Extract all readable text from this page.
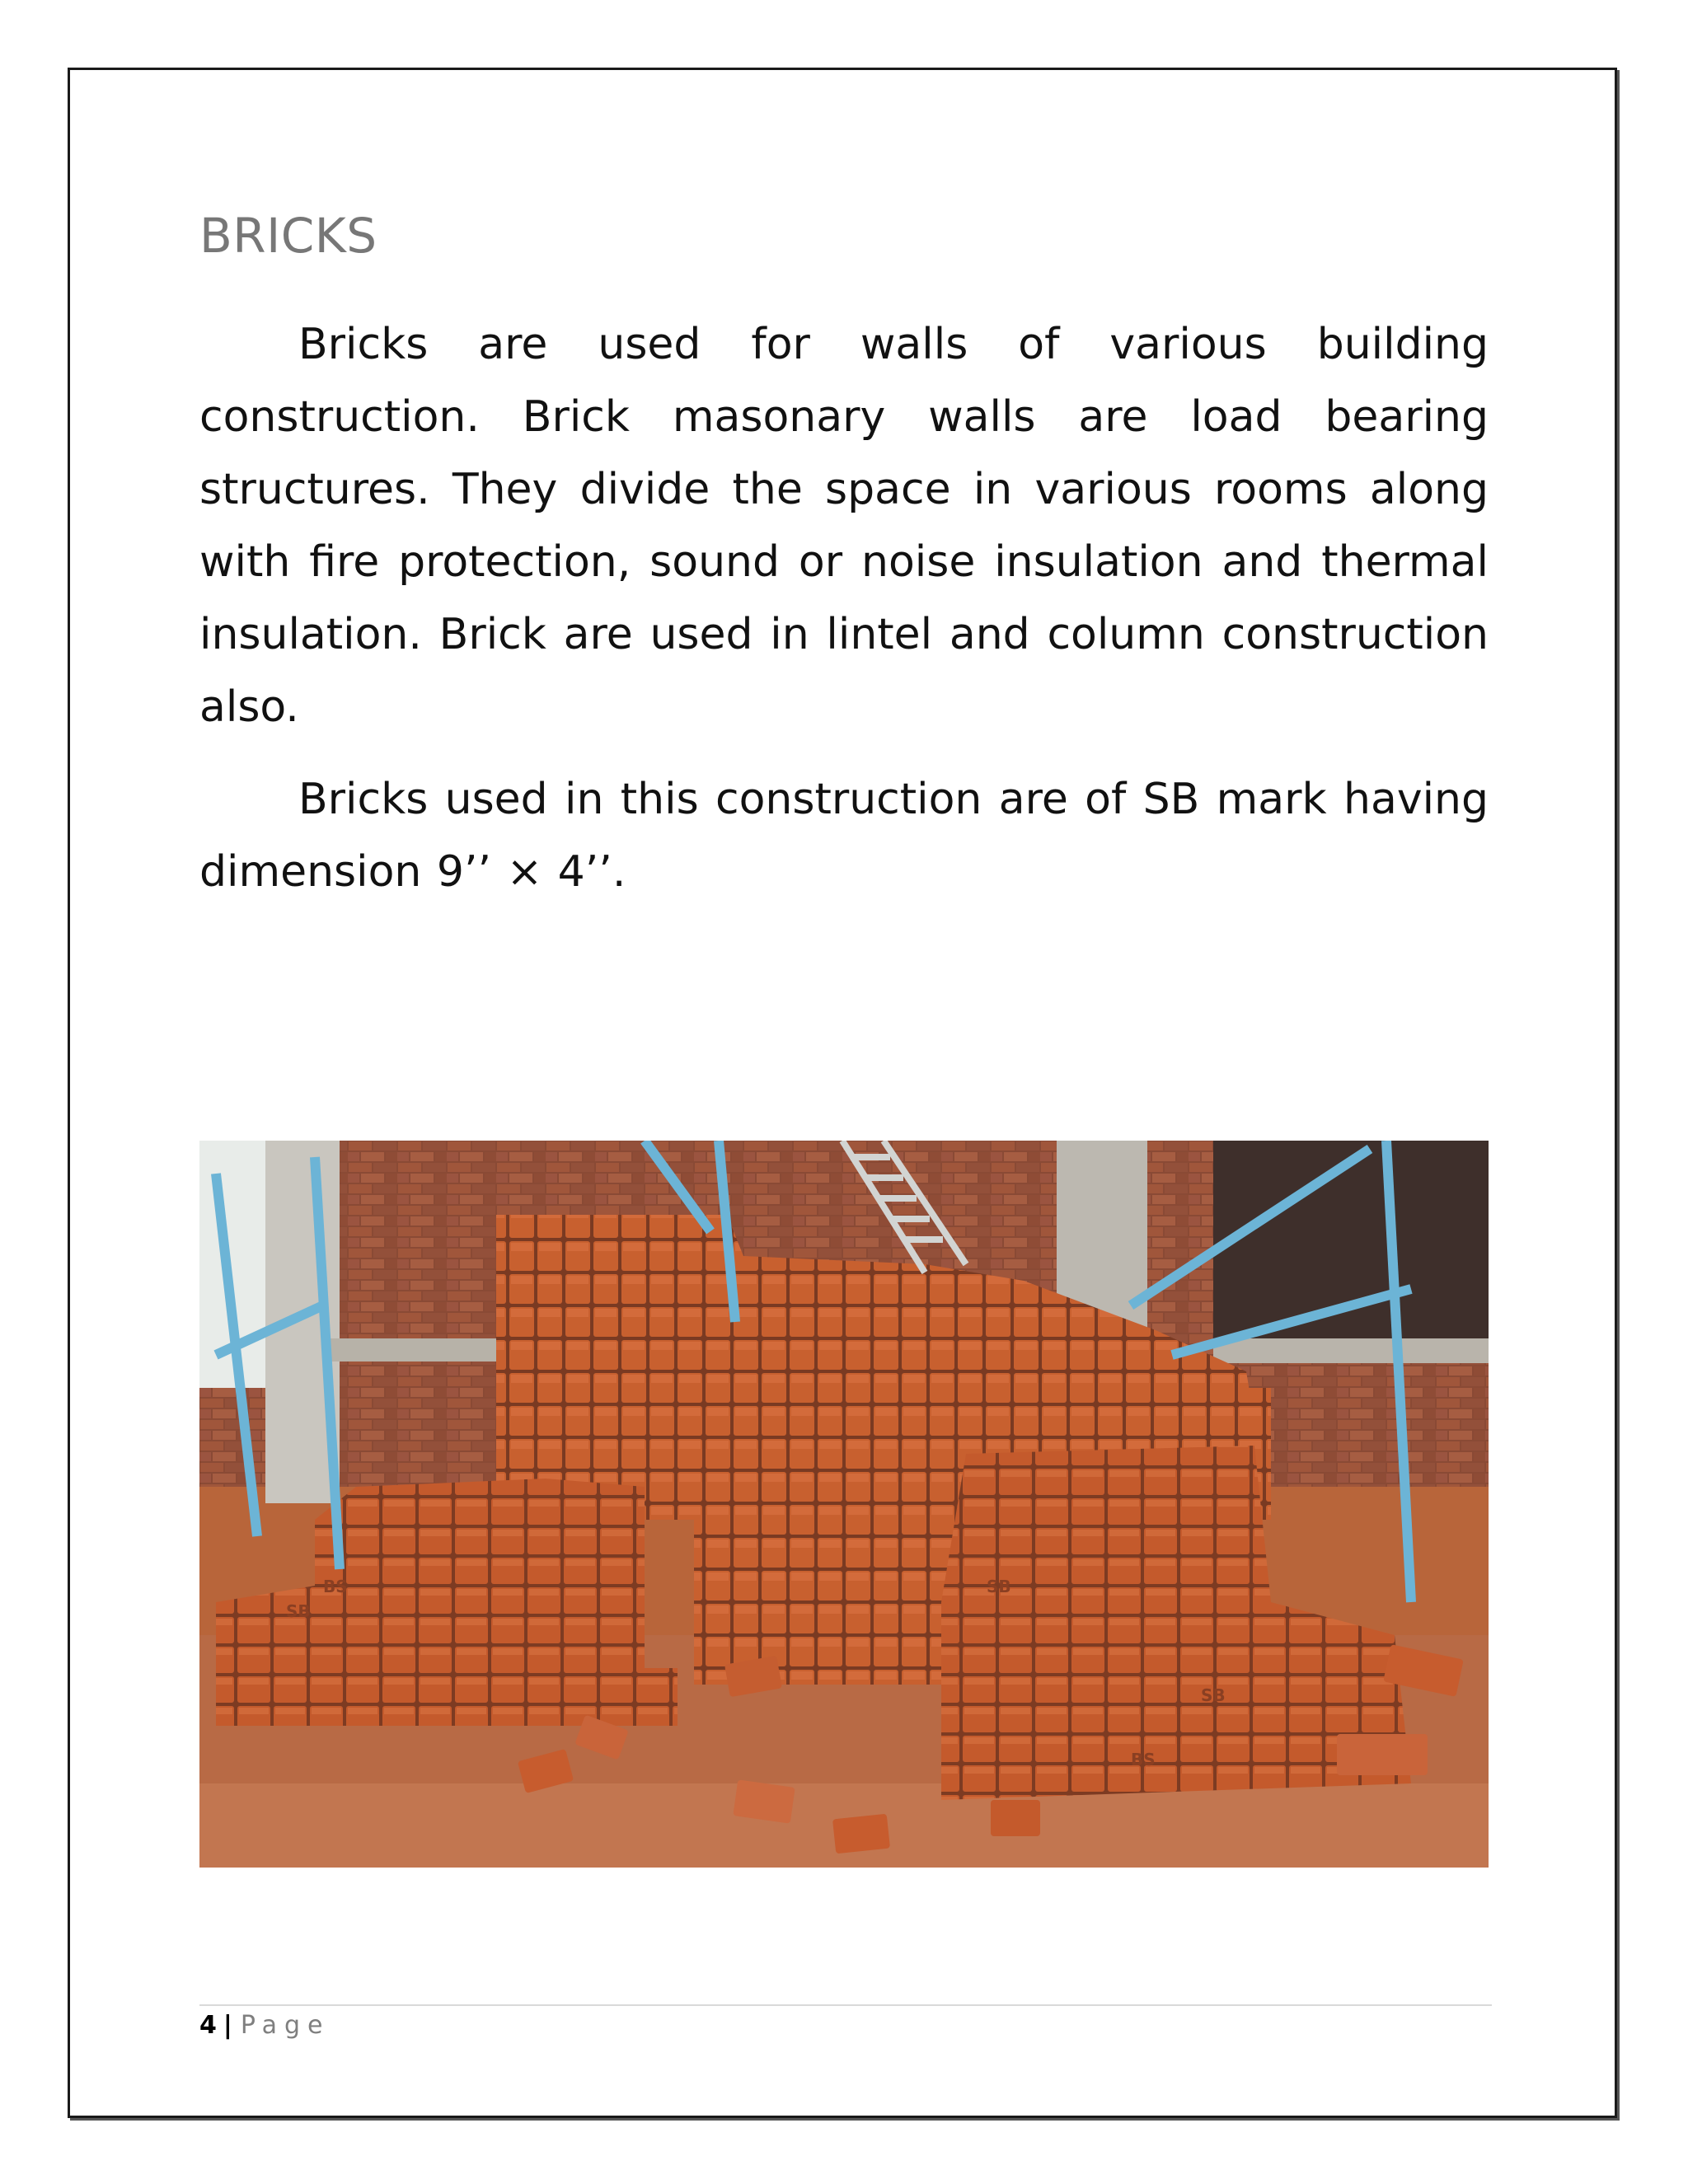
BRICKS

Bricks are used for walls of various building construction. Brick masonary walls are load bearing structures. They divide the space in various rooms along with fire protection, sound or noise insulation and thermal insulation. Brick are used in lintel and column construction also.

Bricks used in this construction are of SB mark having dimension 9’’ × 4’’.

BS
SB
SB
BS
SB
4 | Page
